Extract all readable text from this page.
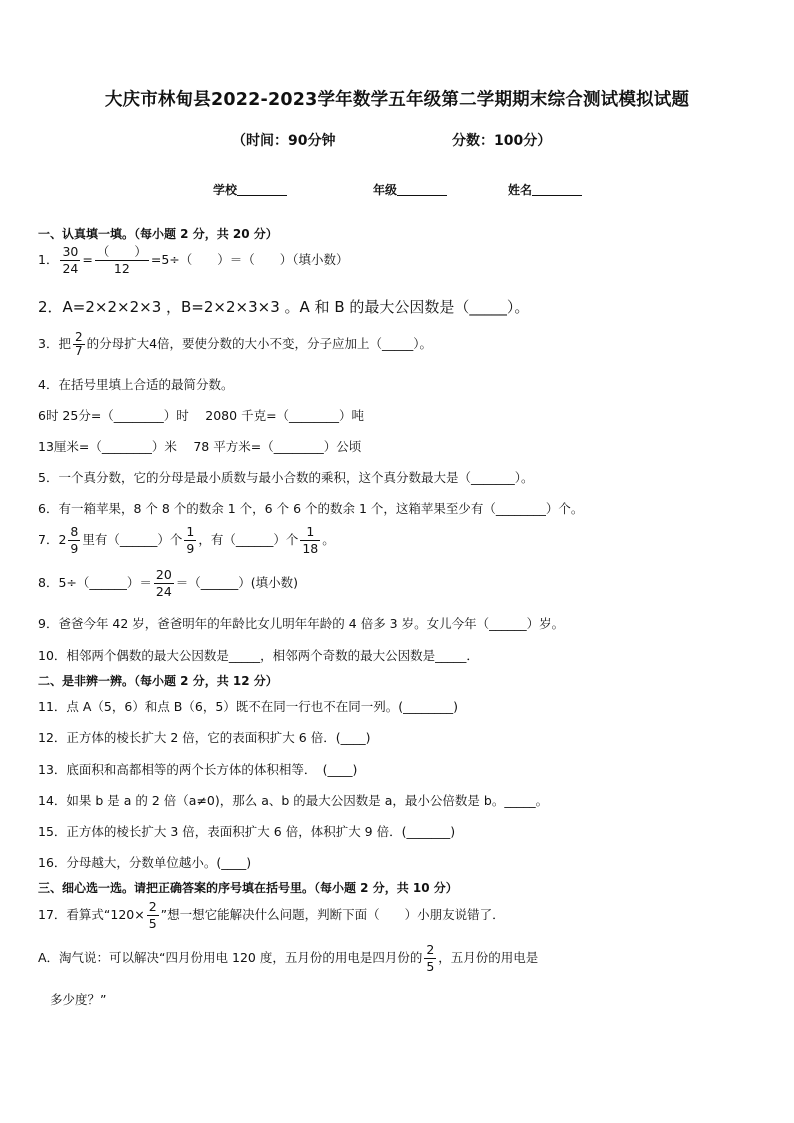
大庆市林甸县2022-2023学年数学五年级第二学期期末综合测试模拟试题
（时间：90分钟	分数：100分）
学校	年级	姓名
一、认真填一填。（每小题 2 分，共 20 分）
1． $\frac{30}{24} = \frac{( )}{12} =5\div$（　　）＝（　　）（填小数）
2．A=2×2×2×3 ，B=2×2×3×3 。A 和 B 的最大公因数是（_____）。
3．把 $\frac{2}{7}$ 的分母扩大4倍，要使分数的大小不变，分子应加上（_____）。
4．在括号里填上合适的最简分数。
6时 25分=（________）时　 2080 千克=（________）吨
13厘米=（________）米　 78 平方米=（________）公顷
5．一个真分数，它的分母是最小质数与最小合数的乘积，这个真分数最大是（_______）。
6．有一箱苹果，8 个 8 个的数余 1 个，6 个 6 个的数余 1 个，这箱苹果至少有（________）个。
7．$2 \frac{8}{9}$ 里有（______）个 $\frac{1}{9}$ ，有（______）个 $\frac{1}{18}$ 。
8．5÷（______）＝ $\frac{20}{24}$ ＝（______）(填小数)
9．爸爸今年 42 岁，爸爸明年的年龄比女儿明年年龄的 4 倍多 3 岁。女儿今年（______）岁。
10．相邻两个偶数的最大公因数是_____，相邻两个奇数的最大公因数是_____．
二、是非辨一辨。（每小题 2 分，共 12 分）
11．点 A（5，6）和点 B（6，5）既不在同一行也不在同一列。(________)
12．正方体的棱长扩大 2 倍，它的表面积扩大 6 倍．(____)
13．底面积和高都相等的两个长方体的体积相等．　(____)
14．如果 b 是 a 的 2 倍（a≠0)，那么 a、b 的最大公因数是 a，最小公倍数是 b。_____。
15．正方体的棱长扩大 3 倍，表面积扩大 6 倍，体积扩大 9 倍．(_______)
16．分母越大，分数单位越小。(____)
三、细心选一选。请把正确答案的序号填在括号里。（每小题 2 分，共 10 分）
17．看算式“$120\times \frac{2}{5}$ ”想一想它能解决什么问题，判断下面（　　）小朋友说错了．
A．淘气说：可以解决“四月份用电 120 度，五月份的用电是四月份的 $\frac{2}{5}$ ，五月份的用电是
多少度？”
